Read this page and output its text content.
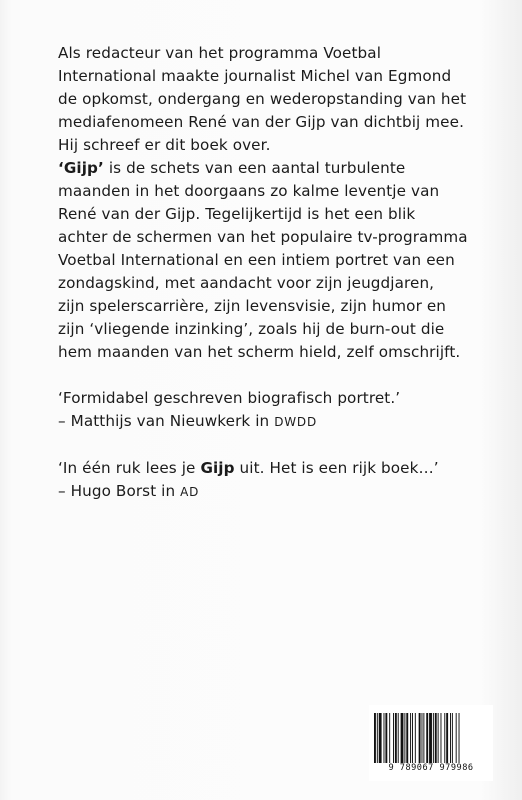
Als redacteur van het programma Voetbal
International maakte journalist Michel van Egmond
de opkomst, ondergang en wederopstanding van het
mediafenomeen René van der Gijp van dichtbij mee.
Hij schreef er dit boek over.
‘Gijp’ is de schets van een aantal turbulente
maanden in het doorgaans zo kalme leventje van
René van der Gijp. Tegelijkertijd is het een blik
achter de schermen van het populaire tv-programma
Voetbal International en een intiem portret van een
zondagskind, met aandacht voor zijn jeugdjaren,
zijn spelerscarrière, zijn levensvisie, zijn humor en
zijn ‘vliegende inzinking’, zoals hij de burn-out die
hem maanden van het scherm hield, zelf omschrijft.
‘Formidabel geschreven biografisch portret.’
– Matthijs van Nieuwkerk in DWDD
‘In één ruk lees je Gijp uit. Het is een rijk boek…’
– Hugo Borst in AD
9 789067 979986
